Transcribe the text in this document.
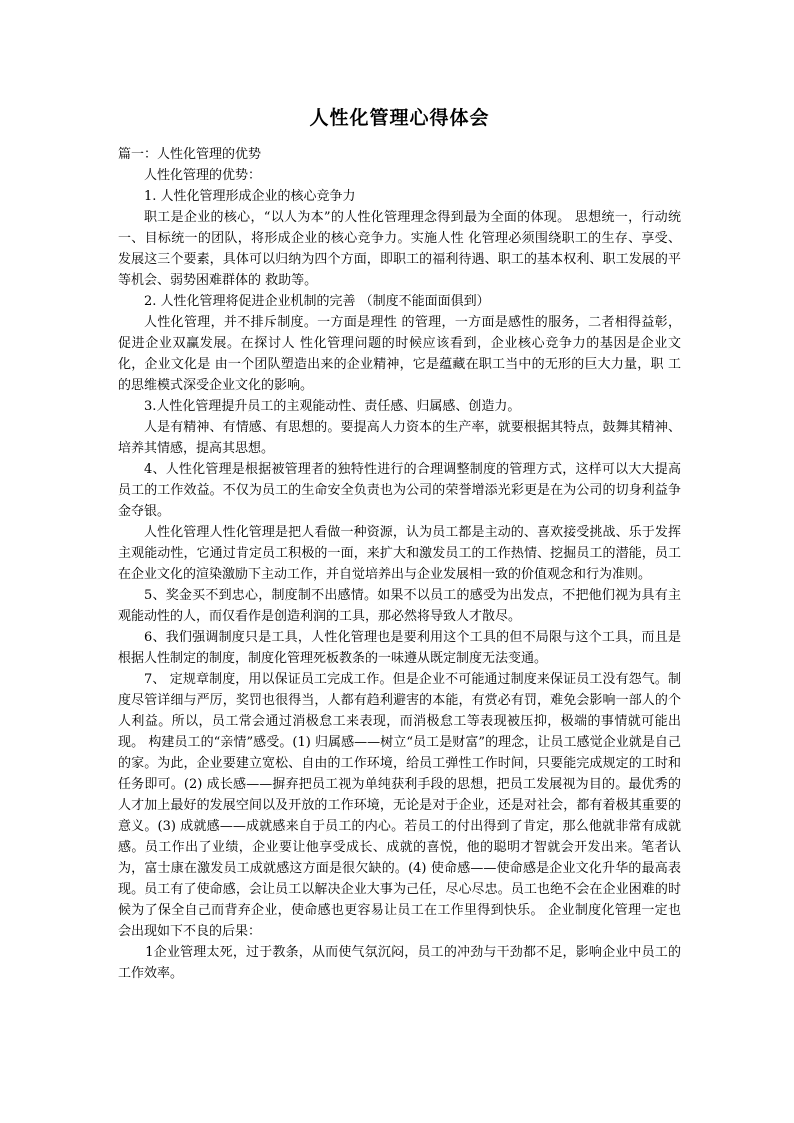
人性化管理心得体会

篇一：人性化管理的优势

人性化管理的优势：

1. 人性化管理形成企业的核心竞争力

职工是企业的核心，“以人为本”的人性化管理理念得到最为全面的体现。 思想统一，行动统一、目标统一的团队，将形成企业的核心竞争力。实施人性 化管理必须围绕职工的生存、享受、发展这三个要素，具体可以归纳为四个方面，即职工的福利待遇、职工的基本权利、职工发展的平等机会、弱势困难群体的 救助等。

2. 人性化管理将促进企业机制的完善 （制度不能面面俱到）

人性化管理，并不排斥制度。一方面是理性 的管理，一方面是感性的服务，二者相得益彰，促进企业双赢发展。在探讨人 性化管理问题的时候应该看到，企业核心竞争力的基因是企业文化，企业文化是 由一个团队塑造出来的企业精神，它是蕴藏在职工当中的无形的巨大力量，职 工的思维模式深受企业文化的影响。

3.人性化管理提升员工的主观能动性、责任感、归属感、创造力。

人是有精神、有情感、有思想的。要提高人力资本的生产率，就要根据其特点，鼓舞其精神、培养其情感，提高其思想。

4、人性化管理是根据被管理者的独特性进行的合理调整制度的管理方式，这样可以大大提高员工的工作效益。不仅为员工的生命安全负责也为公司的荣誉增添光彩更是在为公司的切身利益争金夺银。

人性化管理人性化管理是把人看做一种资源，认为员工都是主动的、喜欢接受挑战、乐于发挥主观能动性，它通过肯定员工积极的一面，来扩大和激发员工的工作热情、挖掘员工的潜能，员工在企业文化的渲染激励下主动工作，并自觉培养出与企业发展相一致的价值观念和行为准则。

5、奖金买不到忠心，制度制不出感情。如果不以员工的感受为出发点，不把他们视为具有主观能动性的人，而仅看作是创造利润的工具，那必然将导致人才散尽。

6、我们强调制度只是工具，人性化管理也是要利用这个工具的但不局限与这个工具，而且是根据人性制定的制度，制度化管理死板教条的一味遵从既定制度无法变通。

7、 定规章制度，用以保证员工完成工作。但是企业不可能通过制度来保证员工没有怨气。制度尽管详细与严厉，奖罚也很得当，人都有趋利避害的本能，有赏必有罚，难免会影响一部人的个人利益。所以，员工常会通过消极怠工来表现，而消极怠工等表现被压抑，极端的事情就可能出现。 构建员工的“亲情”感受。(1) 归属感——树立“员工是财富”的理念，让员工感觉企业就是自己的家。为此，企业要建立宽松、自由的工作环境，给员工弹性工作时间，只要能完成规定的工时和任务即可。(2) 成长感——摒弃把员工视为单纯获利手段的思想，把员工发展视为目的。最优秀的人才加上最好的发展空间以及开放的工作环境，无论是对于企业，还是对社会，都有着极其重要的意义。(3) 成就感——成就感来自于员工的内心。若员工的付出得到了肯定，那么他就非常有成就感。员工作出了业绩，企业要让他享受成长、成就的喜悦，他的聪明才智就会开发出来。笔者认为，富士康在激发员工成就感这方面是很欠缺的。(4) 使命感——使命感是企业文化升华的最高表现。员工有了使命感，会让员工以解决企业大事为己任，尽心尽忠。员工也绝不会在企业困难的时候为了保全自己而背弃企业，使命感也更容易让员工在工作里得到快乐。 企业制度化管理一定也会出现如下不良的后果：

1企业管理太死，过于教条，从而使气氛沉闷，员工的冲劲与干劲都不足，影响企业中员工的工作效率。
